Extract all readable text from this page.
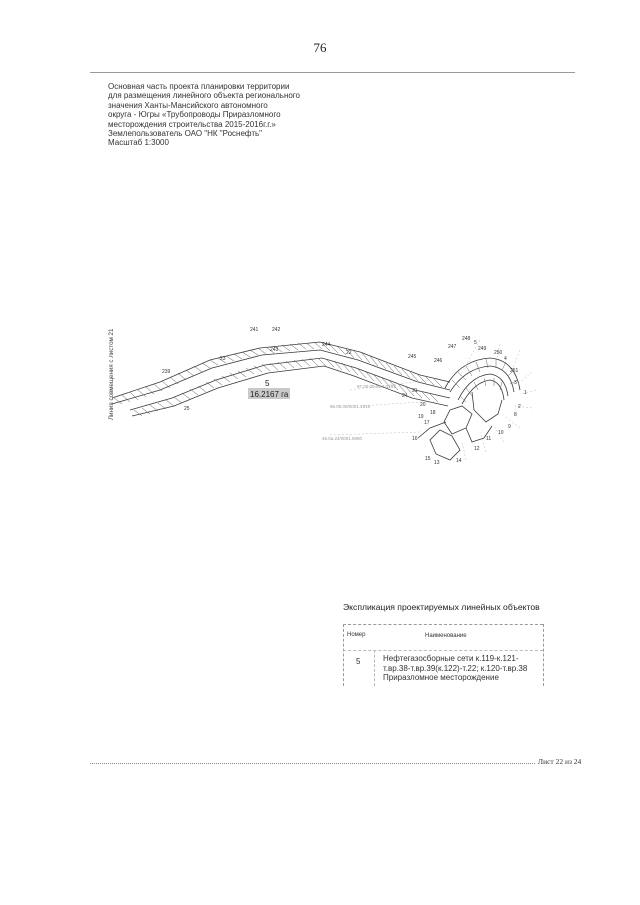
76
Основная часть проекта планировки территории
для размещения линейного объекта регионального
значения Ханты-Мансийского автономного
округа - Югры «Трубопроводы Приразломного
месторождения строительства 2015-2016г.г.»
Землепользователь ОАО "НК "Роснефть"
Масштаб 1:3000
Линия совмещения с листом 21	5
16.2167 га
97.00.00.01.1-1182
86.09.00/0001.1919
46.0a.24/0001.9090
241	242
239
25
24
243
244
245
246
247
248
5
249
250
251
1
2
3
4
8
9
10
11
12
13	14
15
16
17
18
19
20
21
22
23
Экспликация проектируемых линейных объектов
Номер	Наименование
5	Нефтегазосборные сети к.119-к.121-т.вр.38-т.вр.39(к.122)-т.22; к.120-т.вр.38 Приразломное месторождение
Лист 22 из 24
